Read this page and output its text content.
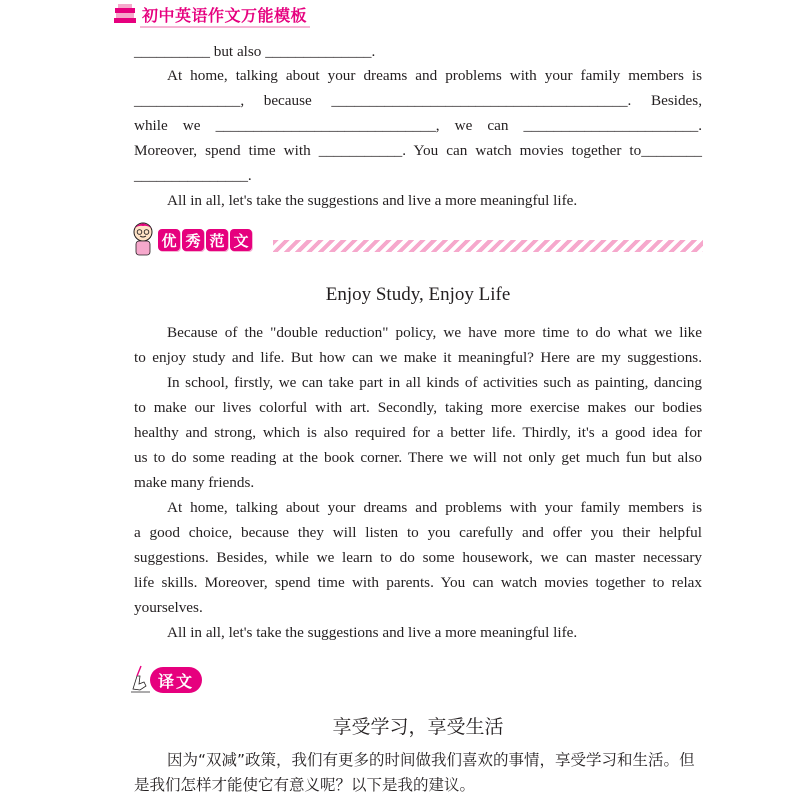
初中英语作文万能模板
__________ but also ______________.
At home, talking about your dreams and problems with your family members is
______________, because _______________________________________. Besides,
while we _____________________________, we can _______________________.
Moreover, spend time with ___________. You can watch movies together to________
_______________.
All in all, let's take the suggestions and live a more meaningful life.
优 秀 范 文
Enjoy Study, Enjoy Life
Because of the "double reduction" policy, we have more time to do what we like
to enjoy study and life. But how can we make it meaningful? Here are my suggestions.
In school, firstly, we can take part in all kinds of activities such as painting, dancing
to make our lives colorful with art. Secondly, taking more exercise makes our bodies
healthy and strong, which is also required for a better life. Thirdly, it's a good idea for
us to do some reading at the book corner. There we will not only get much fun but also
make many friends.
At home, talking about your dreams and problems with your family members is
a good choice, because they will listen to you carefully and offer you their helpful
suggestions. Besides, while we learn to do some housework, we can master necessary
life skills. Moreover, spend time with parents. You can watch movies together to relax
yourselves.
All in all, let's take the suggestions and live a more meaningful life.
译文
享受学习，享受生活
因为“双减”政策，我们有更多的时间做我们喜欢的事情，享受学习和生活。但
是我们怎样才能使它有意义呢？以下是我的建议。
